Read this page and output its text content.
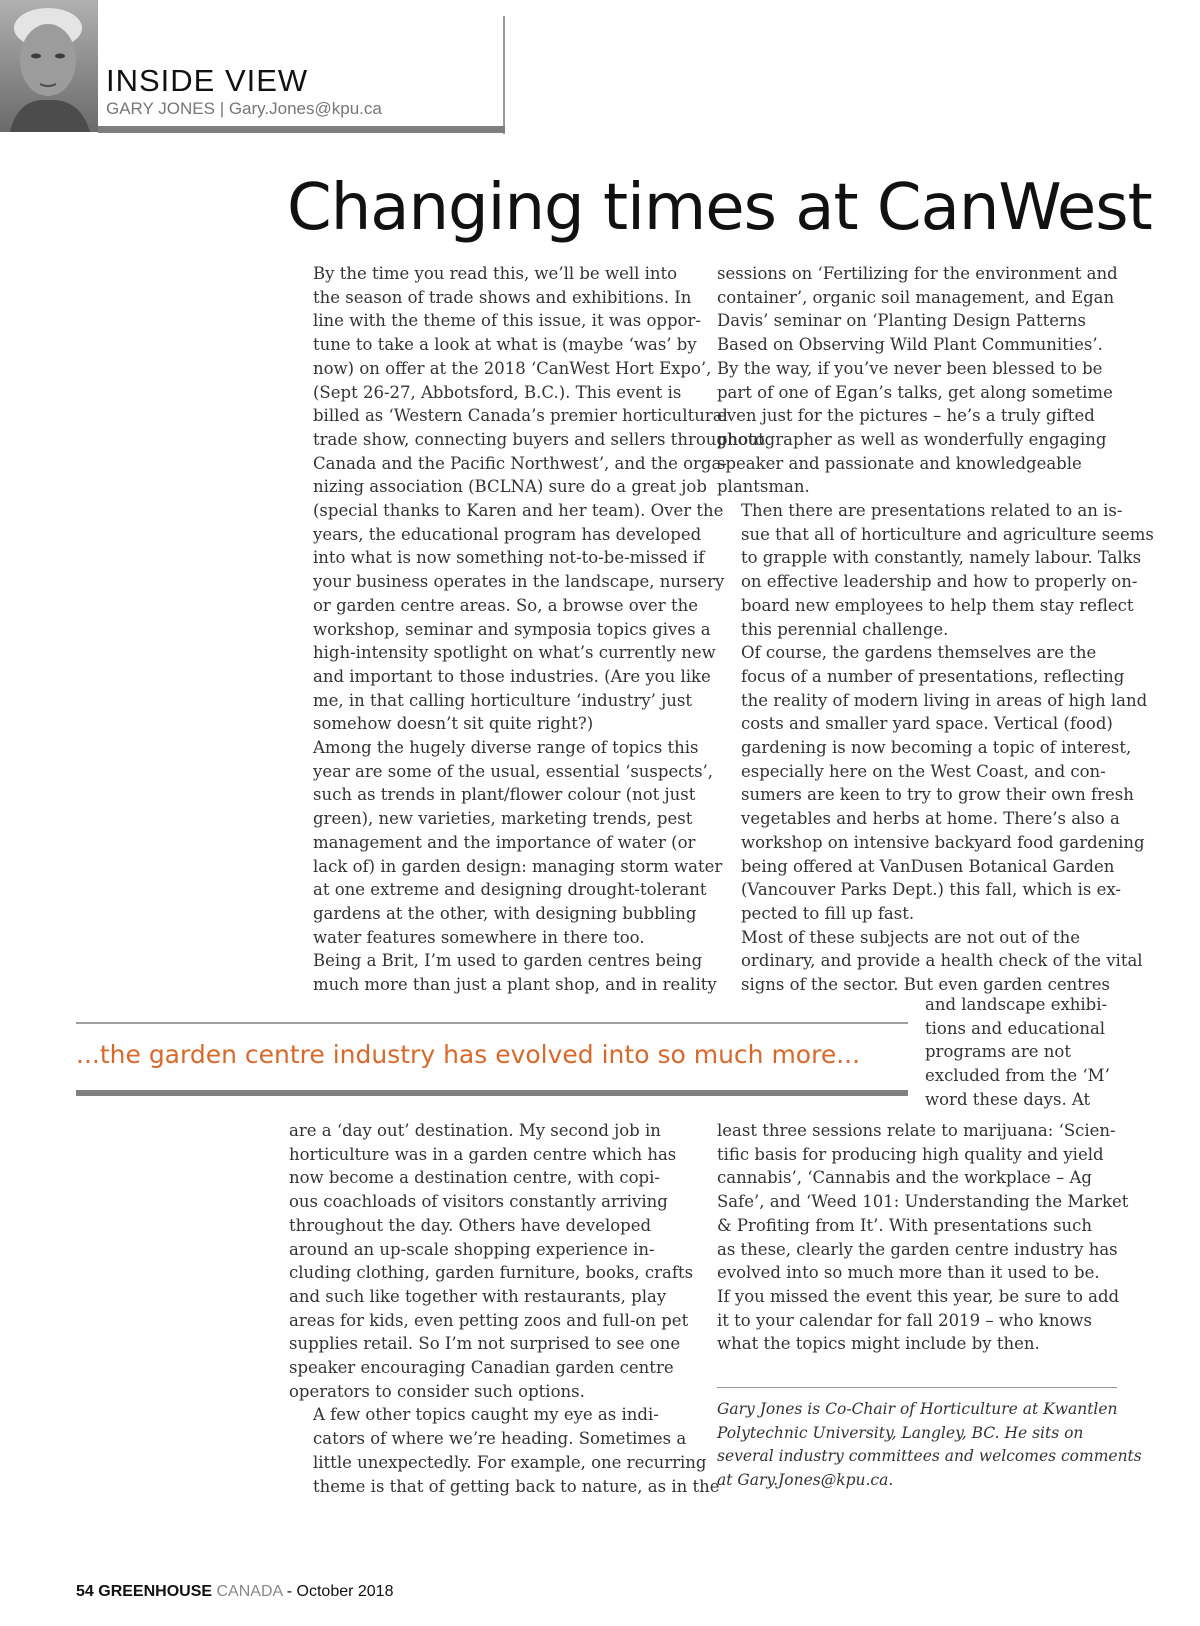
INSIDE VIEW
GARY JONES | Gary.Jones@kpu.ca
Changing times at CanWest

By the time you read this, we’ll be well into
the season of trade shows and exhibitions. In
line with the theme of this issue, it was oppor-
tune to take a look at what is (maybe ‘was’ by
now) on offer at the 2018 ‘CanWest Hort Expo’,
(Sept 26-27, Abbotsford, B.C.). This event is
billed as ‘Western Canada’s premier horticultural
trade show, connecting buyers and sellers throughout
Canada and the Pacific Northwest’, and the orga-
nizing association (BCLNA) sure do a great job
(special thanks to Karen and her team). Over the
years, the educational program has developed
into what is now something not-to-be-missed if
your business operates in the landscape, nursery
or garden centre areas. So, a browse over the
workshop, seminar and symposia topics gives a
high-intensity spotlight on what’s currently new
and important to those industries. (Are you like
me, in that calling horticulture ‘industry’ just
somehow doesn’t sit quite right?)

Among the hugely diverse range of topics this
year are some of the usual, essential ‘suspects’,
such as trends in plant/flower colour (not just
green), new varieties, marketing trends, pest
management and the importance of water (or
lack of) in garden design: managing storm water
at one extreme and designing drought-tolerant
gardens at the other, with designing bubbling
water features somewhere in there too.

Being a Brit, I’m used to garden centres being
much more than just a plant shop, and in reality

are a ‘day out’ destination. My second job in
horticulture was in a garden centre which has
now become a destination centre, with copi-
ous coachloads of visitors constantly arriving
throughout the day. Others have developed
around an up-scale shopping experience in-
cluding clothing, garden furniture, books, crafts
and such like together with restaurants, play
areas for kids, even petting zoos and full-on pet
supplies retail. So I’m not surprised to see one
speaker encouraging Canadian garden centre
operators to consider such options.

A few other topics caught my eye as indi-
cators of where we’re heading. Sometimes a
little unexpectedly. For example, one recurring
theme is that of getting back to nature, as in the

sessions on ‘Fertilizing for the environment and
container’, organic soil management, and Egan
Davis’ seminar on ‘Planting Design Patterns
Based on Observing Wild Plant Communities’.
By the way, if you’ve never been blessed to be
part of one of Egan’s talks, get along sometime
even just for the pictures – he’s a truly gifted
photographer as well as wonderfully engaging
speaker and passionate and knowledgeable
plantsman.

Then there are presentations related to an is-
sue that all of horticulture and agriculture seems
to grapple with constantly, namely labour. Talks
on effective leadership and how to properly on-
board new employees to help them stay reflect
this perennial challenge.

Of course, the gardens themselves are the
focus of a number of presentations, reflecting
the reality of modern living in areas of high land
costs and smaller yard space. Vertical (food)
gardening is now becoming a topic of interest,
especially here on the West Coast, and con-
sumers are keen to try to grow their own fresh
vegetables and herbs at home. There’s also a
workshop on intensive backyard food gardening
being offered at VanDusen Botanical Garden
(Vancouver Parks Dept.) this fall, which is ex-
pected to fill up fast.

Most of these subjects are not out of the
ordinary, and provide a health check of the vital
signs of the sector. But even garden centres

and landscape exhibi-
tions and educational
programs are not
excluded from the ‘M’
word these days. At
least three sessions relate to marijuana: ‘Scien-
tific basis for producing high quality and yield
cannabis’, ‘Cannabis and the workplace – Ag
Safe’, and ‘Weed 101: Understanding the Market
& Profiting from It’. With presentations such
as these, clearly the garden centre industry has
evolved into so much more than it used to be.
If you missed the event this year, be sure to add
it to your calendar for fall 2019 – who knows
what the topics might include by then.
...the garden centre industry has evolved into so much more...
Gary Jones is Co-Chair of Horticulture at Kwantlen
Polytechnic University, Langley, BC. He sits on
several industry committees and welcomes comments
at Gary.Jones@kpu.ca.
54 GREENHOUSE CANADA - October 2018
